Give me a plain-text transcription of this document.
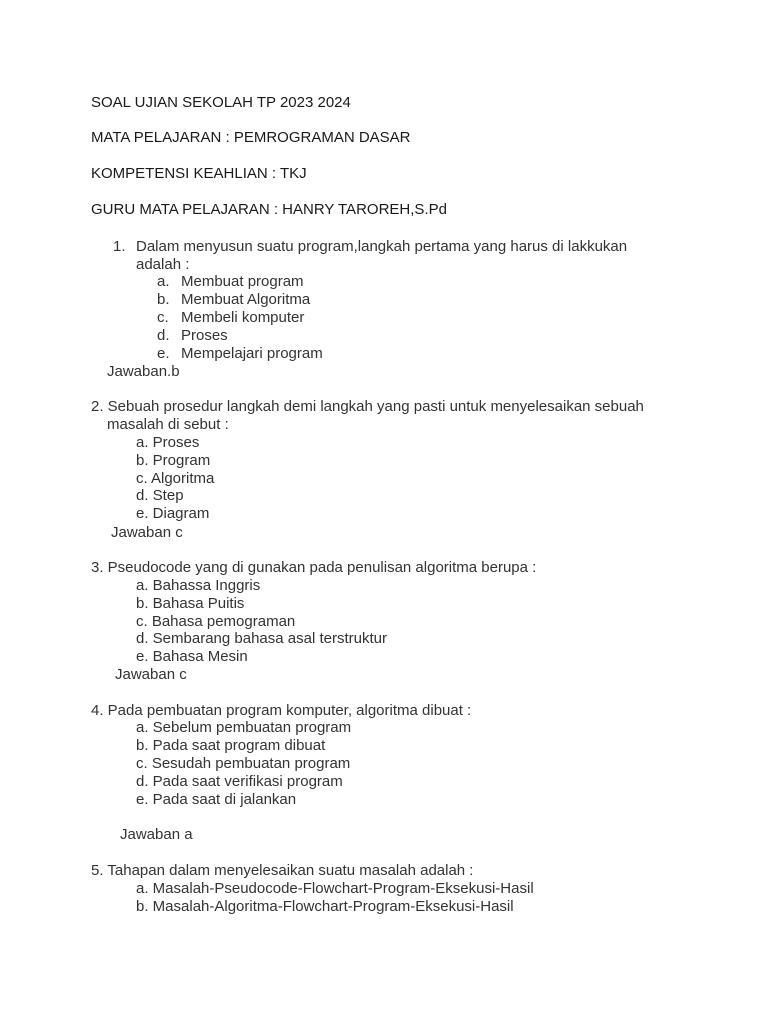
SOAL UJIAN SEKOLAH TP 2023 2024
MATA PELAJARAN : PEMROGRAMAN DASAR
KOMPETENSI KEAHLIAN : TKJ
GURU MATA PELAJARAN : HANRY TAROREH,S.Pd
1. Dalam menyusun suatu program,langkah pertama yang harus di lakkukan
adalah :
a. Membuat program
b. Membuat Algoritma
c. Membeli komputer
d. Proses
e. Mempelajari program
Jawaban.b
2. Sebuah prosedur langkah demi langkah yang pasti untuk menyelesaikan sebuah
masalah di sebut :
a. Proses
b. Program
c. Algoritma
d. Step
e. Diagram
Jawaban c
3. Pseudocode yang di gunakan pada penulisan algoritma berupa :
a. Bahassa Inggris
b. Bahasa Puitis
c. Bahasa pemograman
d. Sembarang bahasa asal terstruktur
e. Bahasa Mesin
Jawaban c
4. Pada pembuatan program komputer, algoritma dibuat :
a. Sebelum pembuatan program
b. Pada saat program dibuat
c. Sesudah pembuatan program
d. Pada saat verifikasi program
e. Pada saat di jalankan
Jawaban a
5. Tahapan dalam menyelesaikan suatu masalah adalah :
a. Masalah-Pseudocode-Flowchart-Program-Eksekusi-Hasil
b. Masalah-Algoritma-Flowchart-Program-Eksekusi-Hasil
